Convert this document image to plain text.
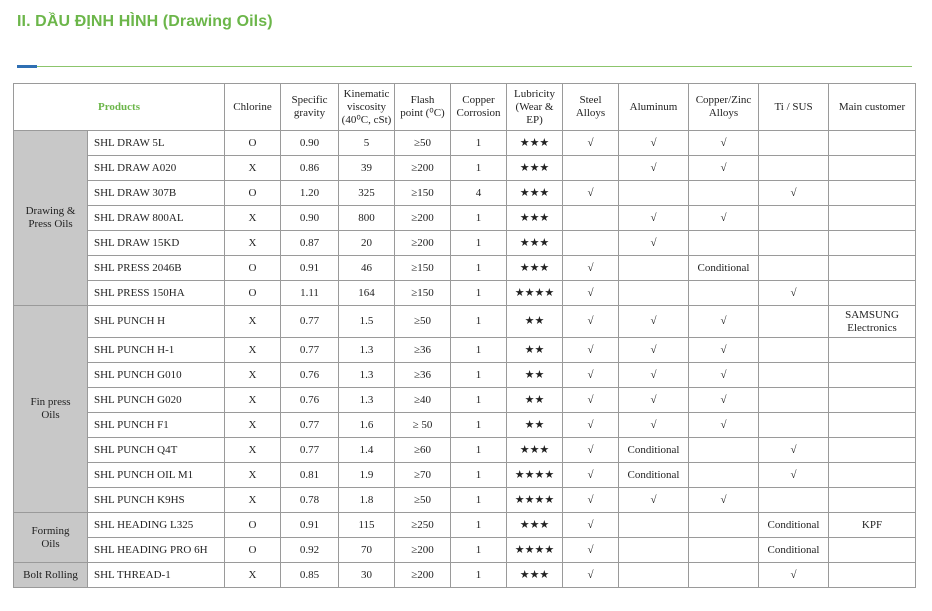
II. DẦU ĐỊNH HÌNH (Drawing Oils)
Products		Chlorine	Specific gravity	Kinematic viscosity
(40⁰C, cSt)	Flash
point (⁰C)	Copper Corrosion	Lubricity
(Wear &
EP)	Steel Alloys	Aluminum	Copper/Zinc Alloys	Ti / SUS	Main customer
Drawing &
Press Oils	SHL DRAW 5L	O	0.90	5	≥50	1	★★★	√	√	√		
	SHL DRAW A020	X	0.86	39	≥200	1	★★★		√	√		
	SHL DRAW 307B	O	1.20	325	≥150	4	★★★	√			√	
	SHL DRAW 800AL	X	0.90	800	≥200	1	★★★		√	√		
	SHL DRAW 15KD	X	0.87	20	≥200	1	★★★		√			
	SHL PRESS 2046B	O	0.91	46	≥150	1	★★★	√		Conditional		
	SHL PRESS 150HA	O	1.11	164	≥150	1	★★★★	√			√	
Fin press
Oils	SHL PUNCH H	X	0.77	1.5	≥50	1	★★	√	√	√		SAMSUNG Electronics
	SHL PUNCH H-1	X	0.77	1.3	≥36	1	★★	√	√	√		
	SHL PUNCH G010	X	0.76	1.3	≥36	1	★★	√	√	√		
	SHL PUNCH G020	X	0.76	1.3	≥40	1	★★	√	√	√		
	SHL PUNCH F1	X	0.77	1.6	≥ 50	1	★★	√	√	√		
	SHL PUNCH Q4T	X	0.77	1.4	≥60	1	★★★	√	Conditional		√	
	SHL PUNCH OIL M1	X	0.81	1.9	≥70	1	★★★★	√	Conditional		√	
	SHL PUNCH K9HS	X	0.78	1.8	≥50	1	★★★★	√	√	√		
Forming
Oils	SHL HEADING L325	O	0.91	115	≥250	1	★★★	√			Conditional	KPF
	SHL HEADING PRO 6H	O	0.92	70	≥200	1	★★★★	√			Conditional	
Bolt Rolling	SHL THREAD-1	X	0.85	30	≥200	1	★★★	√			√	
